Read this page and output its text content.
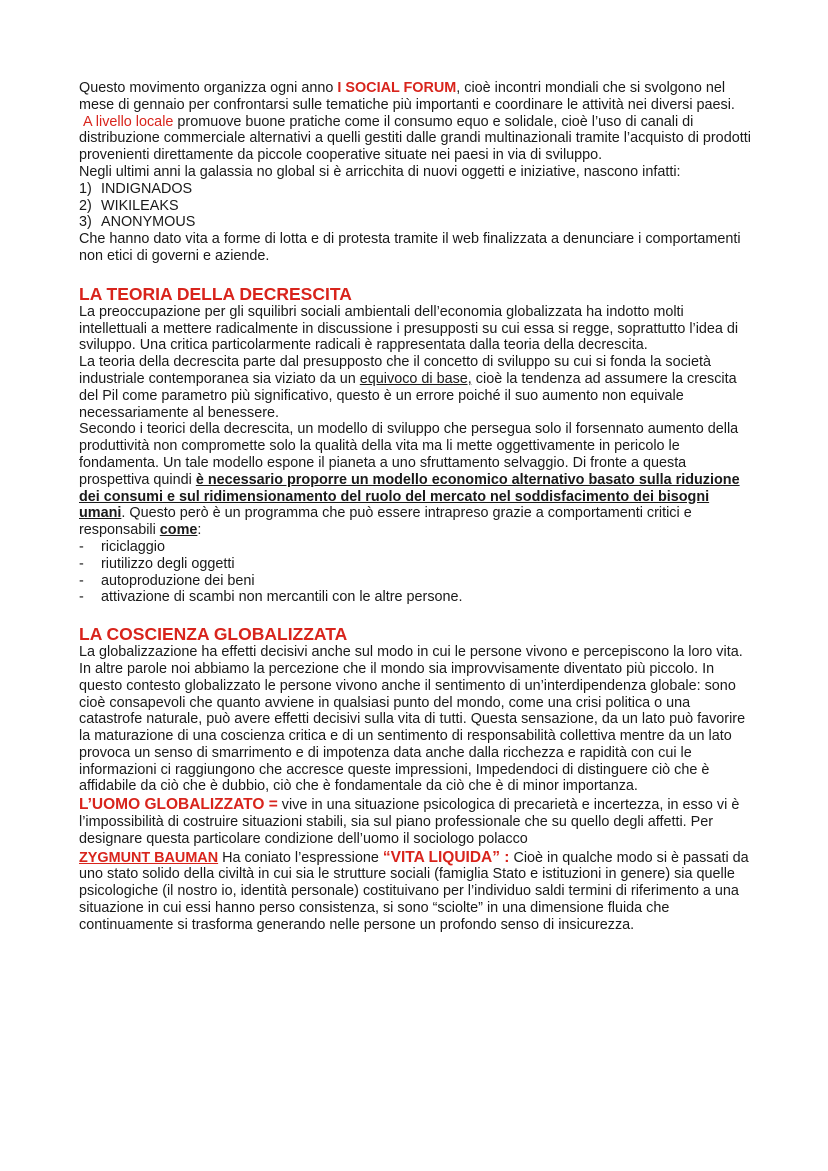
Questo movimento organizza ogni anno I SOCIAL FORUM, cioè incontri mondiali che si svolgono nel mese di gennaio per confrontarsi sulle tematiche più importanti e coordinare le attività nei diversi paesi.

A livello locale promuove buone pratiche come il consumo equo e solidale, cioè l’uso di canali di distribuzione commerciale alternativi a quelli gestiti dalle grandi multinazionali tramite l’acquisto di prodotti provenienti direttamente da piccole cooperative situate nei paesi in via di sviluppo.

Negli ultimi anni la galassia no global si è arricchita di nuovi oggetti e iniziative, nascono infatti:

1) INDIGNADOS
2) WIKILEAKS
3) ANONYMOUS

Che hanno dato vita a forme di lotta e di protesta tramite il web finalizzata a denunciare i comportamenti non etici di governi e aziende.

LA TEORIA DELLA DECRESCITA

La preoccupazione per gli squilibri sociali ambientali dell’economia globalizzata ha indotto molti intellettuali a mettere radicalmente in discussione i presupposti su cui essa si regge, soprattutto l’idea di sviluppo. Una critica particolarmente radicali è rappresentata dalla teoria della decrescita.

La teoria della decrescita parte dal presupposto che il concetto di sviluppo su cui si fonda la società industriale contemporanea sia viziato da un equivoco di base, cioè la tendenza ad assumere la crescita del Pil come parametro più significativo, questo è un errore poiché il suo aumento non equivale necessariamente al benessere.

Secondo i teorici della decrescita, un modello di sviluppo che persegua solo il forsennato aumento della produttività non compromette solo la qualità della vita ma li mette oggettivamente in pericolo le fondamenta. Un tale modello espone il pianeta a uno sfruttamento selvaggio. Di fronte a questa prospettiva quindi è necessario proporre un modello economico alternativo basato sulla riduzione dei consumi e sul ridimensionamento del ruolo del mercato nel soddisfacimento dei bisogni umani. Questo però è un programma che può essere intrapreso grazie a comportamenti critici e responsabili come:

-	riciclaggio
-	riutilizzo degli oggetti
-	autoproduzione dei beni
-	attivazione di scambi non mercantili con le altre persone.
LA COSCIENZA GLOBALIZZATA

La globalizzazione ha effetti decisivi anche sul modo in cui le persone vivono e percepiscono la loro vita.

In altre parole noi abbiamo la percezione che il mondo sia improvvisamente diventato più piccolo. In questo contesto globalizzato le persone vivono anche il sentimento di un’interdipendenza globale: sono cioè consapevoli che quanto avviene in qualsiasi punto del mondo, come una crisi politica o una catastrofe naturale, può avere effetti decisivi sulla vita di tutti. Questa sensazione, da un lato può favorire la maturazione di una coscienza critica e di un sentimento di responsabilità collettiva mentre da un lato provoca un senso di smarrimento e di impotenza data anche dalla ricchezza e rapidità con cui le informazioni ci raggiungono che accresce queste impressioni, Impedendoci di distinguere ciò che è affidabile da ciò che è dubbio, ciò che è fondamentale da ciò che è di minor importanza.

L’UOMO GLOBALIZZATO = vive in una situazione psicologica di precarietà e incertezza, in esso vi è l’impossibilità di costruire situazioni stabili, sia sul piano professionale che su quello degli affetti. Per designare questa particolare condizione dell’uomo il sociologo polacco

ZYGMUNT BAUMAN Ha coniato l’espressione “VITA LIQUIDA” : Cioè in qualche modo si è passati da uno stato solido della civiltà in cui sia le strutture sociali (famiglia Stato e istituzioni in genere) sia quelle psicologiche (il nostro io, identità personale) costituivano per l’individuo saldi termini di riferimento a una situazione in cui essi hanno perso consistenza, si sono “sciolte” in una dimensione fluida che continuamente si trasforma generando nelle persone un profondo senso di insicurezza.
